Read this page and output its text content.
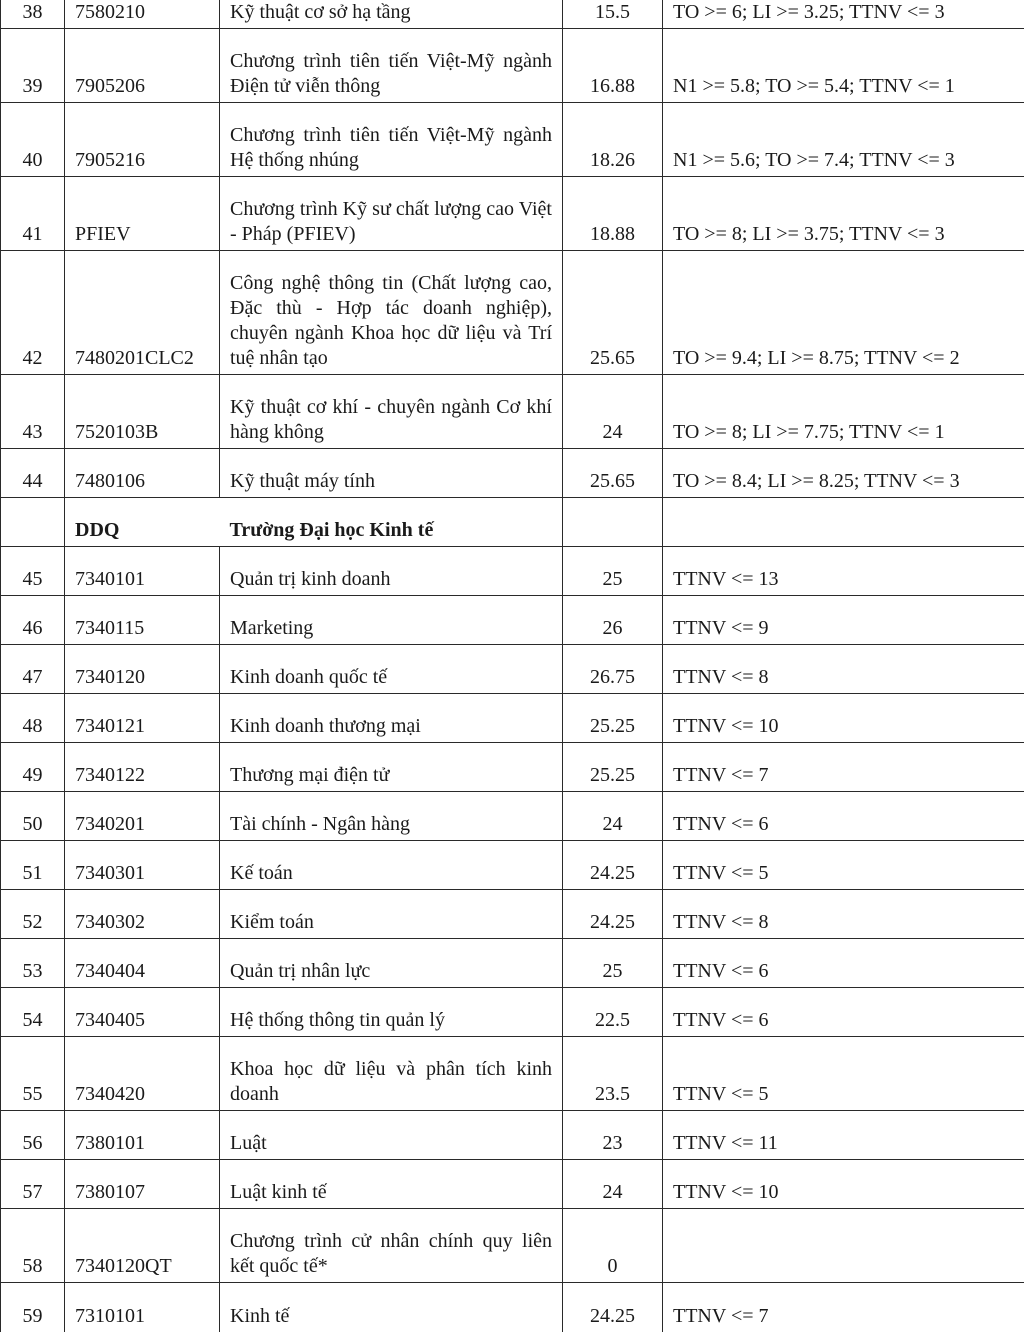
38	7580210	Kỹ thuật cơ sở hạ tầng	15.5	TO >= 6; LI >= 3.25; TTNV <= 3
39	7905206	Chương trình tiên tiến Việt-Mỹ ngành Điện tử viễn thông	16.88	N1 >= 5.8; TO >= 5.4; TTNV <= 1
40	7905216	Chương trình tiên tiến Việt-Mỹ ngành Hệ thống nhúng	18.26	N1 >= 5.6; TO >= 7.4; TTNV <= 3
41	PFIEV	Chương trình Kỹ sư chất lượng cao Việt - Pháp (PFIEV)	18.88	TO >= 8; LI >= 3.75; TTNV <= 3
42	7480201CLC2	Công nghệ thông tin (Chất lượng cao, Đặc thù - Hợp tác doanh nghiệp), chuyên ngành Khoa học dữ liệu và Trí tuệ nhân tạo	25.65	TO >= 9.4; LI >= 8.75; TTNV <= 2
43	7520103B	Kỹ thuật cơ khí - chuyên ngành Cơ khí hàng không	24	TO >= 8; LI >= 7.75; TTNV <= 1
44	7480106	Kỹ thuật máy tính	25.65	TO >= 8.4; LI >= 8.25; TTNV <= 3
	DDQ	Trường Đại học Kinh tế		
45	7340101	Quản trị kinh doanh	25	TTNV <= 13
46	7340115	Marketing	26	TTNV <= 9
47	7340120	Kinh doanh quốc tế	26.75	TTNV <= 8
48	7340121	Kinh doanh thương mại	25.25	TTNV <= 10
49	7340122	Thương mại điện tử	25.25	TTNV <= 7
50	7340201	Tài chính - Ngân hàng	24	TTNV <= 6
51	7340301	Kế toán	24.25	TTNV <= 5
52	7340302	Kiểm toán	24.25	TTNV <= 8
53	7340404	Quản trị nhân lực	25	TTNV <= 6
54	7340405	Hệ thống thông tin quản lý	22.5	TTNV <= 6
55	7340420	Khoa học dữ liệu và phân tích kinh doanh	23.5	TTNV <= 5
56	7380101	Luật	23	TTNV <= 11
57	7380107	Luật kinh tế	24	TTNV <= 10
58	7340120QT	Chương trình cử nhân chính quy liên kết quốc tế*	0	
59	7310101	Kinh tế	24.25	TTNV <= 7
